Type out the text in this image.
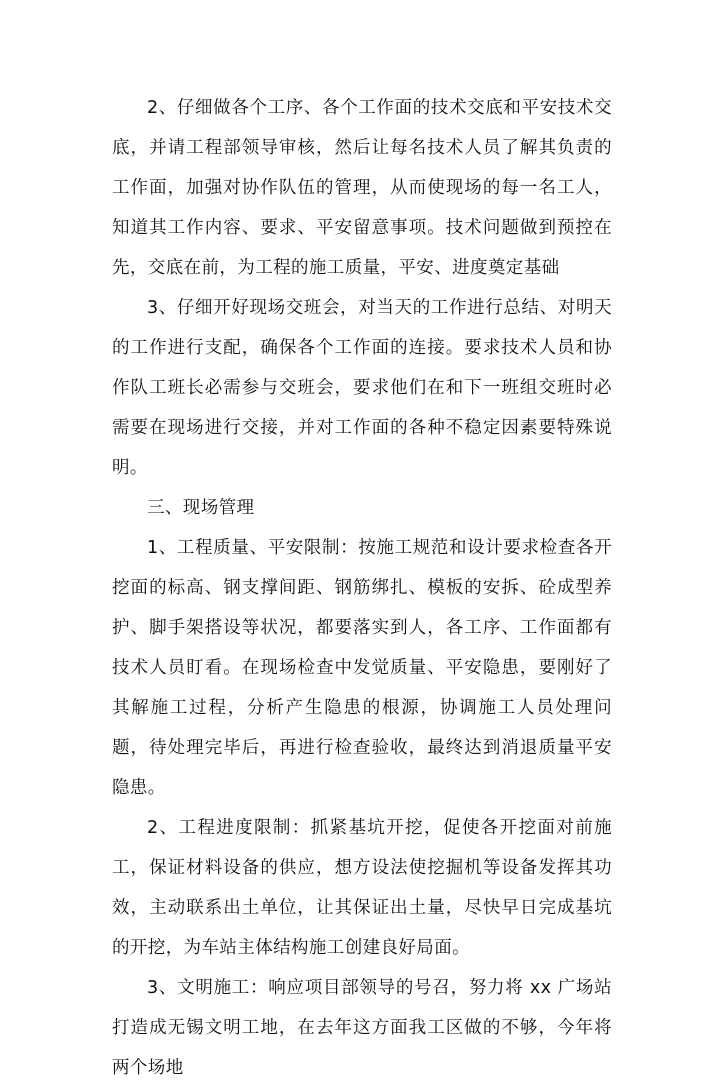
2、仔细做各个工序、各个工作面的技术交底和平安技术交底，并请工程部领导审核，然后让每名技术人员了解其负责的工作面，加强对协作队伍的管理，从而使现场的每一名工人，知道其工作内容、要求、平安留意事项。技术问题做到预控在先，交底在前，为工程的施工质量，平安、进度奠定基础

3、仔细开好现场交班会，对当天的工作进行总结、对明天的工作进行支配，确保各个工作面的连接。要求技术人员和协作队工班长必需参与交班会，要求他们在和下一班组交班时必需要在现场进行交接，并对工作面的各种不稳定因素要特殊说明。

三、现场管理

1、工程质量、平安限制：按施工规范和设计要求检查各开挖面的标高、钢支撑间距、钢筋绑扎、模板的安拆、砼成型养护、脚手架搭设等状况，都要落实到人，各工序、工作面都有技术人员盯看。在现场检查中发觉质量、平安隐患，要刚好了其解施工过程，分析产生隐患的根源，协调施工人员处理问题，待处理完毕后，再进行检查验收，最终达到消退质量平安隐患。

2、工程进度限制：抓紧基坑开挖，促使各开挖面对前施工，保证材料设备的供应，想方设法使挖掘机等设备发挥其功效，主动联系出土单位，让其保证出土量，尽快早日完成基坑的开挖，为车站主体结构施工创建良好局面。

3、文明施工：响应项目部领导的号召，努力将 xx 广场站打造成无锡文明工地，在去年这方面我工区做的不够，今年将两个场地
